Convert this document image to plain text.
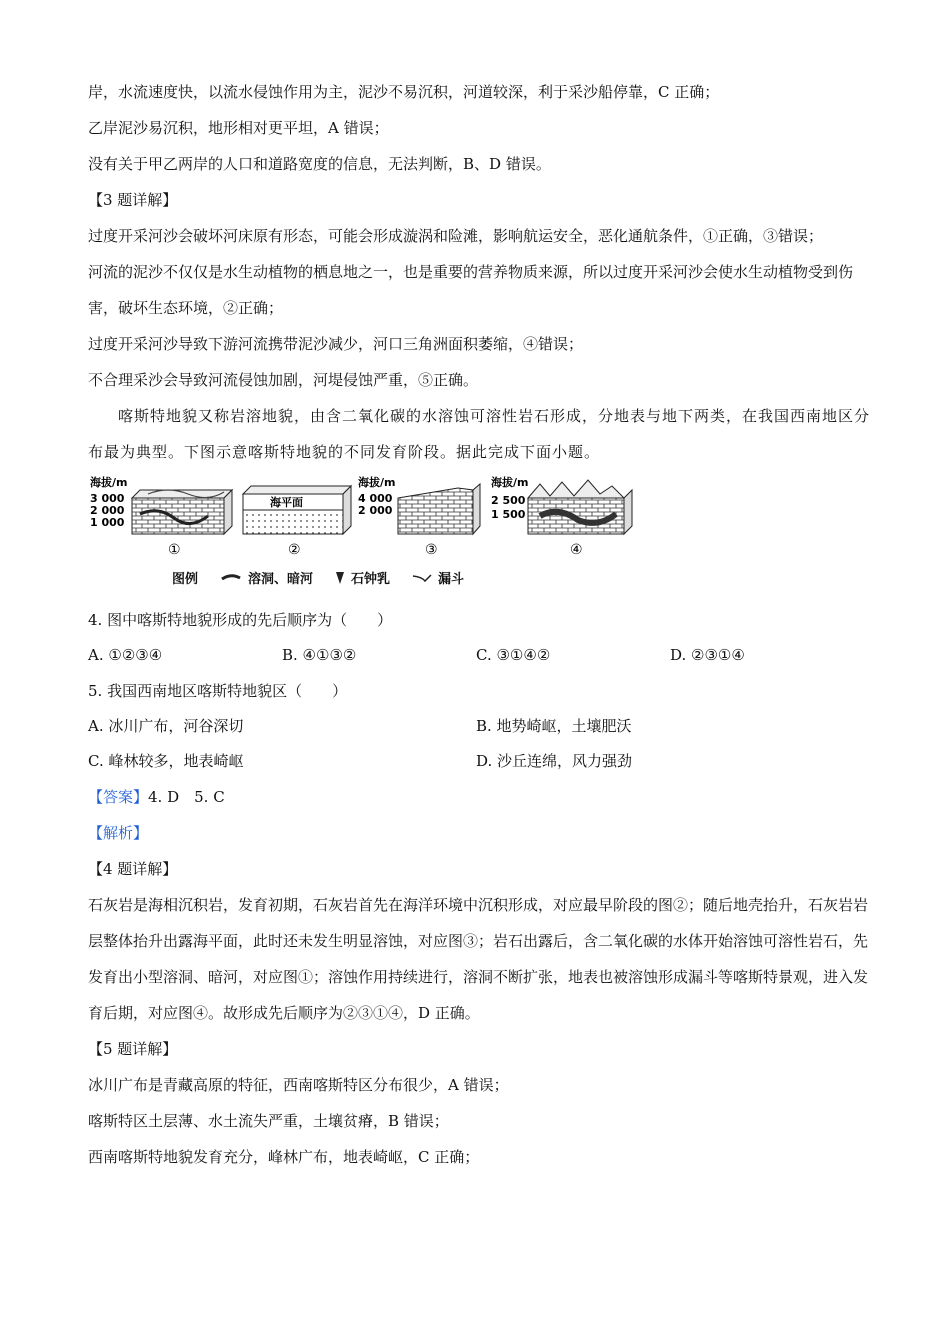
岸，水流速度快，以流水侵蚀作用为主，泥沙不易沉积，河道较深，利于采沙船停靠，C 正确；
乙岸泥沙易沉积，地形相对更平坦，A 错误；
没有关于甲乙两岸的人口和道路宽度的信息，无法判断，B、D 错误。
【3 题详解】
过度开采河沙会破坏河床原有形态，可能会形成漩涡和险滩，影响航运安全，恶化通航条件，①正确，③错误；
河流的泥沙不仅仅是水生动植物的栖息地之一，也是重要的营养物质来源，所以过度开采河沙会使水生动植物受到伤害，破坏生态环境，②正确；
过度开采河沙导致下游河流携带泥沙减少，河口三角洲面积萎缩，④错误；
不合理采沙会导致河流侵蚀加剧，河堤侵蚀严重，⑤正确。
喀斯特地貌又称岩溶地貌，由含二氧化碳的水溶蚀可溶性岩石形成，分地表与地下两类，在我国西南地区分布最为典型。下图示意喀斯特地貌的不同发育阶段。据此完成下面小题。
海拔/m
3 000
2 000
1 000
①
海平面
②
海拔/m
4 000
2 000
③
海拔/m
2 500
1 500
④
图例	溶洞、暗河	石钟乳	漏斗
4. 图中喀斯特地貌形成的先后顺序为（　　）
A. ①②③④	B. ④①③②	C. ③①④②	D. ②③①④
5. 我国西南地区喀斯特地貌区（　　）
A. 冰川广布，河谷深切	B. 地势崎岖，土壤肥沃
C. 峰林较多，地表崎岖	D. 沙丘连绵，风力强劲
【答案】4. D　5. C
【解析】
【4 题详解】
石灰岩是海相沉积岩，发育初期，石灰岩首先在海洋环境中沉积形成，对应最早阶段的图②；随后地壳抬升，石灰岩岩层整体抬升出露海平面，此时还未发生明显溶蚀，对应图③；岩石出露后，含二氧化碳的水体开始溶蚀可溶性岩石，先发育出小型溶洞、暗河，对应图①；溶蚀作用持续进行，溶洞不断扩张，地表也被溶蚀形成漏斗等喀斯特景观，进入发育后期，对应图④。故形成先后顺序为②③①④，D 正确。
【5 题详解】
冰川广布是青藏高原的特征，西南喀斯特区分布很少，A 错误；
喀斯特区土层薄、水土流失严重，土壤贫瘠，B 错误；
西南喀斯特地貌发育充分，峰林广布，地表崎岖，C 正确；
